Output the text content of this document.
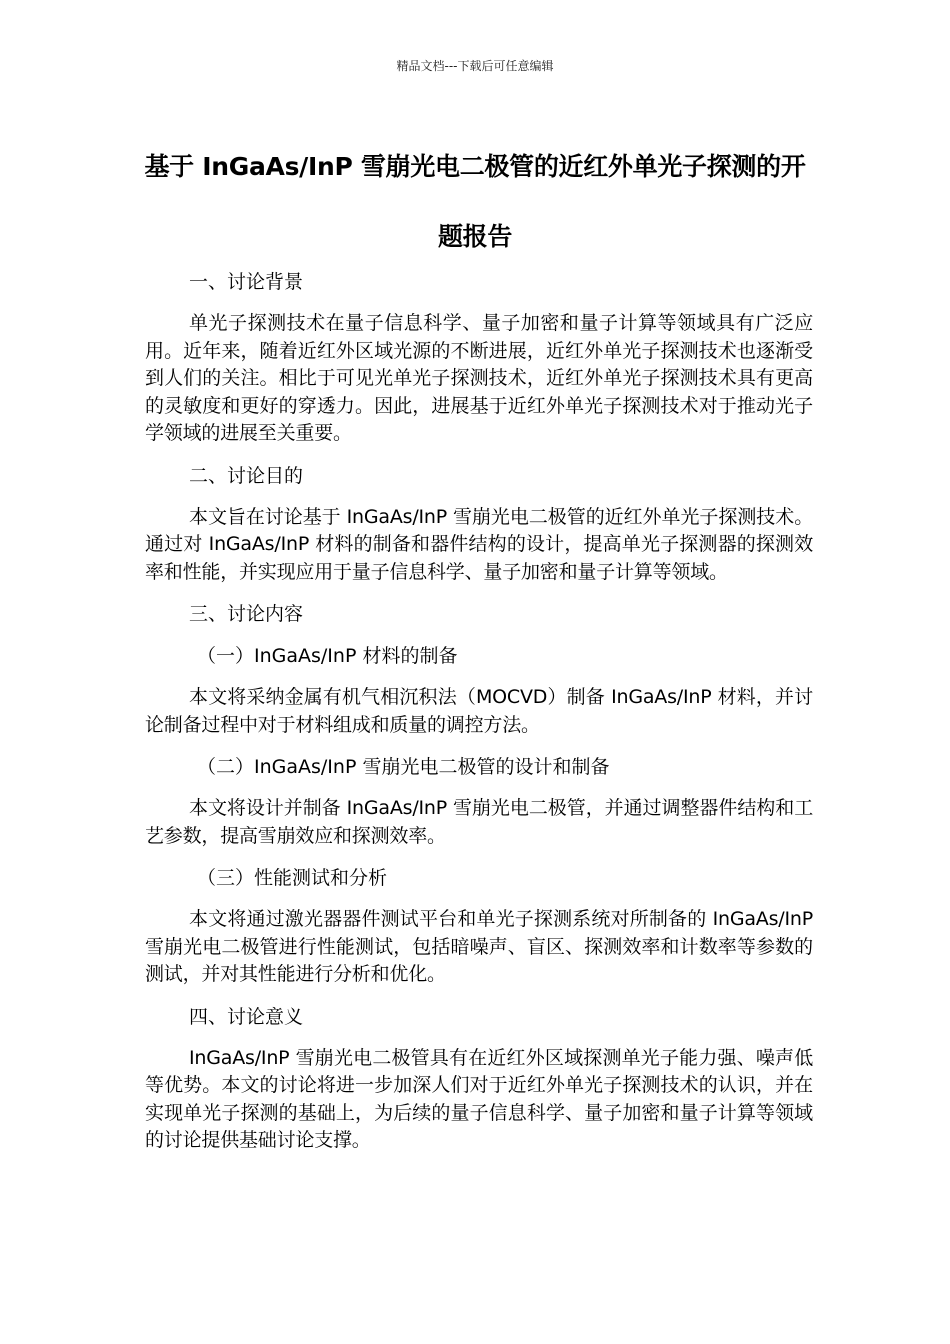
精品文档---下载后可任意编辑
基于 InGaAs/InP 雪崩光电二极管的近红外单光子探测的开题报告

一、讨论背景

单光子探测技术在量子信息科学、量子加密和量子计算等领域具有广泛应用。近年来，随着近红外区域光源的不断进展，近红外单光子探测技术也逐渐受到人们的关注。相比于可见光单光子探测技术，近红外单光子探测技术具有更高的灵敏度和更好的穿透力。因此，进展基于近红外单光子探测技术对于推动光子学领域的进展至关重要。

二、讨论目的

本文旨在讨论基于 InGaAs/InP 雪崩光电二极管的近红外单光子探测技术。通过对 InGaAs/InP 材料的制备和器件结构的设计，提高单光子探测器的探测效率和性能，并实现应用于量子信息科学、量子加密和量子计算等领域。

三、讨论内容

（一）InGaAs/InP 材料的制备

本文将采纳金属有机气相沉积法（MOCVD）制备 InGaAs/InP 材料，并讨论制备过程中对于材料组成和质量的调控方法。

（二）InGaAs/InP 雪崩光电二极管的设计和制备

本文将设计并制备 InGaAs/InP 雪崩光电二极管，并通过调整器件结构和工艺参数，提高雪崩效应和探测效率。

（三）性能测试和分析

本文将通过激光器器件测试平台和单光子探测系统对所制备的 InGaAs/InP 雪崩光电二极管进行性能测试，包括暗噪声、盲区、探测效率和计数率等参数的测试，并对其性能进行分析和优化。

四、讨论意义

InGaAs/InP 雪崩光电二极管具有在近红外区域探测单光子能力强、噪声低等优势。本文的讨论将进一步加深人们对于近红外单光子探测技术的认识，并在实现单光子探测的基础上，为后续的量子信息科学、量子加密和量子计算等领域的讨论提供基础讨论支撑。
